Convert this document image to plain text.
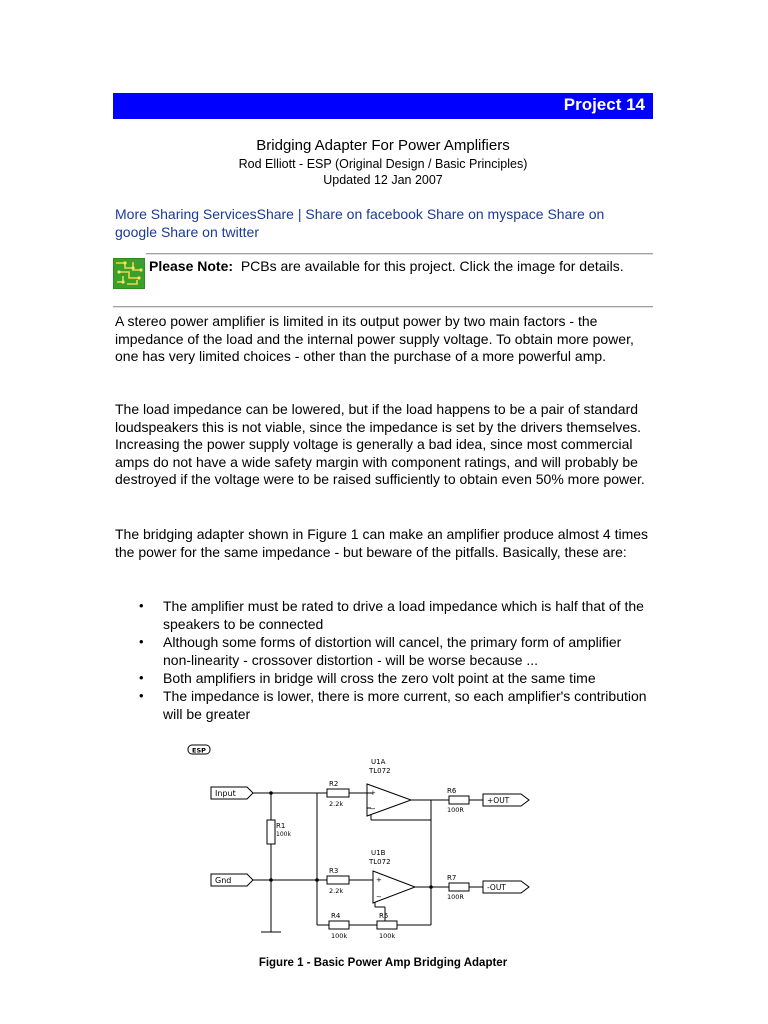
Project 14
Bridging Adapter For Power Amplifiers
Rod Elliott - ESP (Original Design / Basic Principles)
Updated 12 Jan 2007
More Sharing ServicesShare | Share on facebook Share on myspace Share on google Share on twitter
Please Note: PCBs are available for this project. Click the image for details.
A stereo power amplifier is limited in its output power by two main factors - the impedance of the load and the internal power supply voltage. To obtain more power, one has very limited choices - other than the purchase of a more powerful amp.
The load impedance can be lowered, but if the load happens to be a pair of standard loudspeakers this is not viable, since the impedance is set by the drivers themselves. Increasing the power supply voltage is generally a bad idea, since most commercial amps do not have a wide safety margin with component ratings, and will probably be destroyed if the voltage were to be raised sufficiently to obtain even 50% more power.
The bridging adapter shown in Figure 1 can make an amplifier produce almost 4 times the power for the same impedance - but beware of the pitfalls. Basically, these are:
• The amplifier must be rated to drive a load impedance which is half that of the speakers to be connected
• Although some forms of distortion will cancel, the primary form of amplifier non-linearity - crossover distortion - will be worse because ...
• Both amplifiers in bridge will cross the zero volt point at the same time
• The impedance is lower, there is more current, so each amplifier's contribution will be greater
ESP
Input
Gnd
+OUT
-OUT
U1A
TL072
U1B
TL072
+
−
+
−
R1
100k
R2
2.2k
R3
2.2k
R4
100k
R5
100k
R6
100R
R7
100R
Figure 1 - Basic Power Amp Bridging Adapter
